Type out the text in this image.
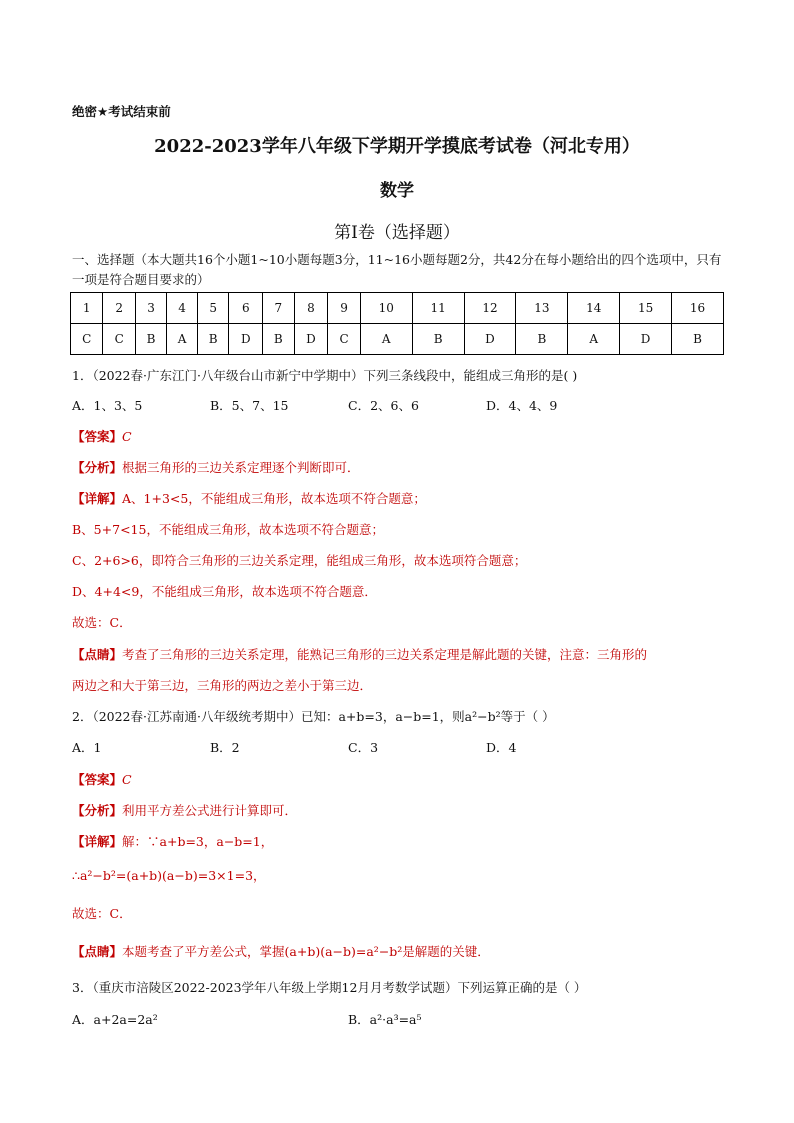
绝密★考试结束前
2022-2023学年八年级下学期开学摸底考试卷（河北专用）
数学
第Ⅰ卷（选择题）
一、选择题（本大题共16个小题1~10小题每题3分，11~16小题每题2分，共42分在每小题给出的四个选项中，只有一项是符合题目要求的）
1	2	3	4	5	6	7	8	9	10	11	12	13	14	15	16
C	C	B	A	B	D	B	D	C	A	B	D	B	A	D	B
1．（2022春·广东江门·八年级台山市新宁中学期中）下列三条线段中，能组成三角形的是( )
A．1、3、5	B．5、7、15	C．2、6、6	D．4、4、9
【答案】C
【分析】根据三角形的三边关系定理逐个判断即可．
【详解】A、1+3<5，不能组成三角形，故本选项不符合题意；
B、5+7<15，不能组成三角形，故本选项不符合题意；
C、2+6>6，即符合三角形的三边关系定理，能组成三角形，故本选项符合题意；
D、4+4<9，不能组成三角形，故本选项不符合题意．
故选：C．
【点睛】考查了三角形的三边关系定理，能熟记三角形的三边关系定理是解此题的关键，注意：三角形的
两边之和大于第三边，三角形的两边之差小于第三边．
2．（2022春·江苏南通·八年级统考期中）已知：a+b=3，a−b=1，则a²−b²等于（ ）
A．1	B．2	C．3	D．4
【答案】C
【分析】利用平方差公式进行计算即可．
【详解】解：∵a+b=3，a−b=1，
∴a²−b²=(a+b)(a−b)=3×1=3，
故选：C．
【点睛】本题考查了平方差公式，掌握(a+b)(a−b)=a²−b²是解题的关键．
3．（重庆市涪陵区2022-2023学年八年级上学期12月月考数学试题）下列运算正确的是（ ）
A．a+2a=2a²	B．a²·a³=a⁵
